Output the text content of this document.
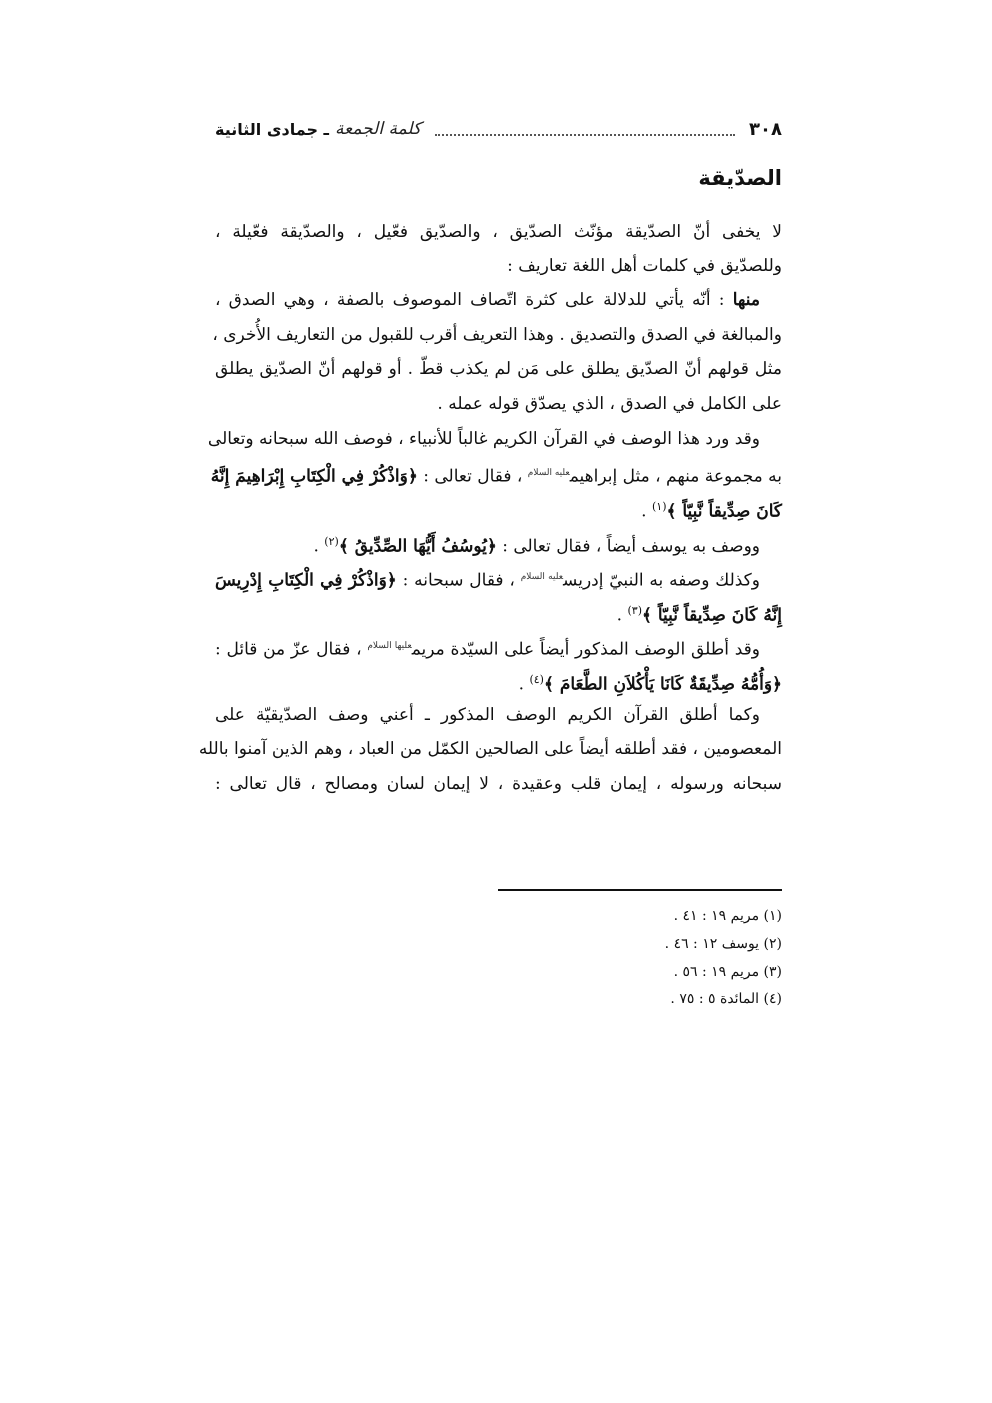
٣٠٨
كلمة الجمعة
ـ جمادى الثانية
الصدّيقة
لا يخفى أنّ الصدّيقة مؤنّث الصدّيق ، والصدّيق فعّيل ، والصدّيقة فعّيلة ،
وللصدّيق في كلمات أهل اللغة تعاريف :
منها : أنّه يأتي للدلالة على كثرة اتّصاف الموصوف بالصفة ، وهي الصدق ،
والمبالغة في الصدق والتصديق . وهذا التعريف أقرب للقبول من التعاريف الأُخرى ،
مثل قولهم أنّ الصدّيق يطلق على مَن لم يكذب قطّ . أو قولهم أنّ الصدّيق يطلق
على الكامل في الصدق ، الذي يصدّق قوله عمله .
وقد ورد هذا الوصف في القرآن الكريم غالباً للأنبياء ، فوصف الله سبحانه وتعالى
به مجموعة منهم ، مثل إبراهيم$^{عليه السلام}$ ، فقال تعالى : ﴿وَاذْكُرْ فِي الْكِتَابِ إِبْرَاهِيمَ إِنَّهُ
كَانَ صِدِّيقاً نَّبِيّاً ﴾$^{(١)}$ .
ووصف به يوسف أيضاً ، فقال تعالى : ﴿يُوسُفُ أَيُّهَا الصِّدِّيقُ ﴾$^{(٢)}$ .
وكذلك وصفه به النبيّ إدريس$^{عليه السلام}$ ، فقال سبحانه : ﴿وَاذْكُرْ فِي الْكِتَابِ إِدْرِيسَ
إِنَّهُ كَانَ صِدِّيقاً نَّبِيّاً ﴾$^{(٣)}$ .
وقد أطلق الوصف المذكور أيضاً على السيّدة مريم$^{عليها السلام}$ ، فقال عزّ من قائل :
﴿وَأُمُّهُ صِدِّيقَةٌ كَانَا يَأْكُلاَنِ الطَّعَامَ ﴾$^{(٤)}$ .
وكما أطلق القرآن الكريم الوصف المذكور ـ أعني وصف الصدّيقيّة على
المعصومين ، فقد أطلقه أيضاً على الصالحين الكمّل من العباد ، وهم الذين آمنوا بالله
سبحانه ورسوله ، إيمان قلب وعقيدة ، لا إيمان لسان ومصالح ، قال تعالى :
(١) مريم ١٩ : ٤١ .
(٢) يوسف ١٢ : ٤٦ .
(٣) مريم ١٩ : ٥٦ .
(٤) المائدة ٥ : ٧٥ .
